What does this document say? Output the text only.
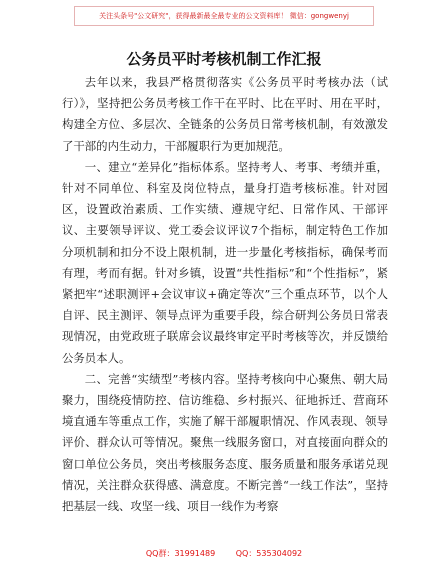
关注头条号"公文研究"，获得最新最全最专业的公文资料库！ 微信：gongwenyj
公务员平时考核机制工作汇报

去年以来，我县严格贯彻落实《公务员平时考核办法（试行）》，坚持把公务员考核工作干在平时、比在平时、用在平时，构建全方位、多层次、全链条的公务员日常考核机制，有效激发了干部的内生动力，干部履职行为更加规范。

一、建立“差异化”指标体系。坚持考人、考事、考绩并重，针对不同单位、科室及岗位特点，量身打造考核标准。针对园区，设置政治素质、工作实绩、遵规守纪、日常作风、干部评议、主要领导评议、党工委会议评议7个指标，制定特色工作加分项机制和扣分不设上限机制，进一步量化考核指标，确保考而有理，考而有据。针对乡镇，设置“共性指标”和“个性指标”，紧紧把牢“述职测评+会议审议+确定等次”三个重点环节，以个人自评、民主测评、领导点评为重要手段，综合研判公务员日常表现情况，由党政班子联席会议最终审定平时考核等次，并反馈给公务员本人。

二、完善“实绩型”考核内容。坚持考核向中心聚焦、朝大局聚力，围绕疫情防控、信访维稳、乡村振兴、征地拆迁、营商环境直通车等重点工作，实施了解干部履职情况、作风表现、领导评价、群众认可等情况。聚焦一线服务窗口，对直接面向群众的窗口单位公务员，突出考核服务态度、服务质量和服务承诺兑现情况，关注群众获得感、满意度。不断完善“一线工作法”，坚持把基层一线、攻坚一线、项目一线作为考察

QQ群：31991489	QQ：535304092
